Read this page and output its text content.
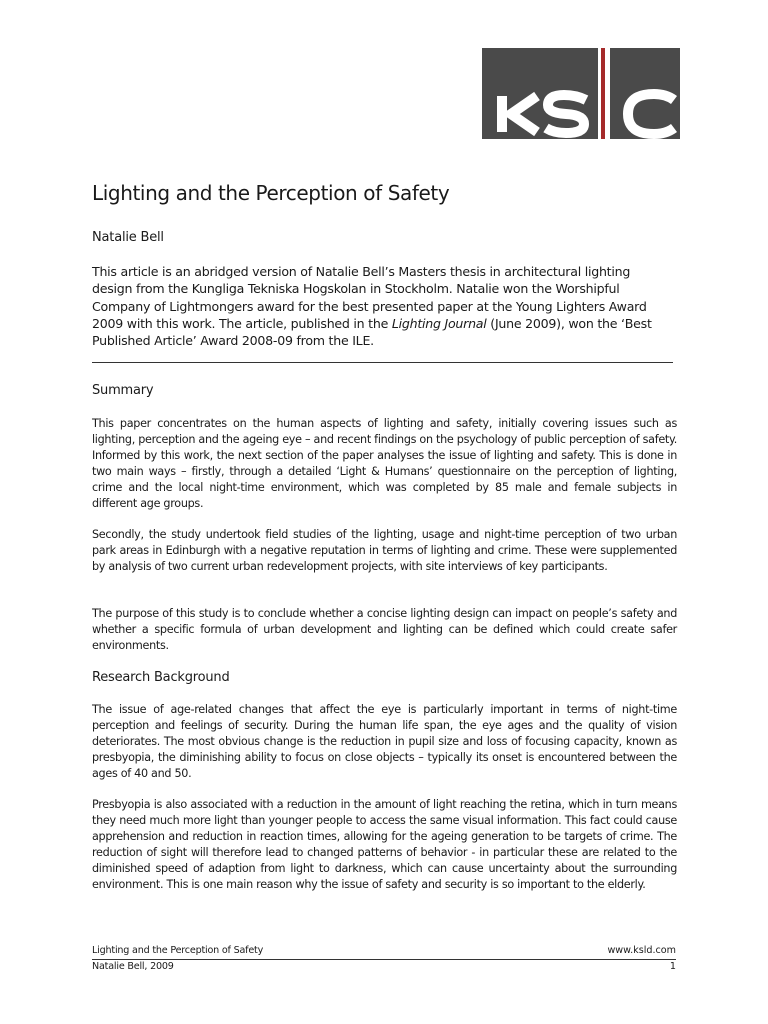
Lighting and the Perception of Safety
Natalie Bell

This article is an abridged version of Natalie Bell’s Masters thesis in architectural lighting design from the Kungliga Tekniska Hogskolan in Stockholm. Natalie won the Worshipful Company of Lightmongers award for the best presented paper at the Young Lighters Award 2009 with this work. The article, published in the Lighting Journal (June 2009), won the ‘Best Published Article’ Award 2008-09 from the ILE.

Summary

This paper concentrates on the human aspects of lighting and safety, initially covering issues such as lighting, perception and the ageing eye – and recent findings on the psychology of public perception of safety. Informed by this work, the next section of the paper analyses the issue of lighting and safety. This is done in two main ways – firstly, through a detailed ‘Light & Humans’ questionnaire on the perception of lighting, crime and the local night-time environment, which was completed by 85 male and female subjects in different age groups.

Secondly, the study undertook field studies of the lighting, usage and night-time perception of two urban park areas in Edinburgh with a negative reputation in terms of lighting and crime. These were supplemented by analysis of two current urban redevelopment projects, with site interviews of key participants.

The purpose of this study is to conclude whether a concise lighting design can impact on people’s safety and whether a specific formula of urban development and lighting can be defined which could create safer environments.

Research Background

The issue of age-related changes that affect the eye is particularly important in terms of night-time perception and feelings of security. During the human life span, the eye ages and the quality of vision deteriorates. The most obvious change is the reduction in pupil size and loss of focusing capacity, known as presbyopia, the diminishing ability to focus on close objects – typically its onset is encountered between the ages of 40 and 50.

Presbyopia is also associated with a reduction in the amount of light reaching the retina, which in turn means they need much more light than younger people to access the same visual information. This fact could cause apprehension and reduction in reaction times, allowing for the ageing generation to be targets of crime. The reduction of sight will therefore lead to changed patterns of behavior - in particular these are related to the diminished speed of adaption from light to darkness, which can cause uncertainty about the surrounding environment. This is one main reason why the issue of safety and security is so important to the elderly.

Lighting and the Perception of Safety	www.ksld.com
Natalie Bell, 2009	1
